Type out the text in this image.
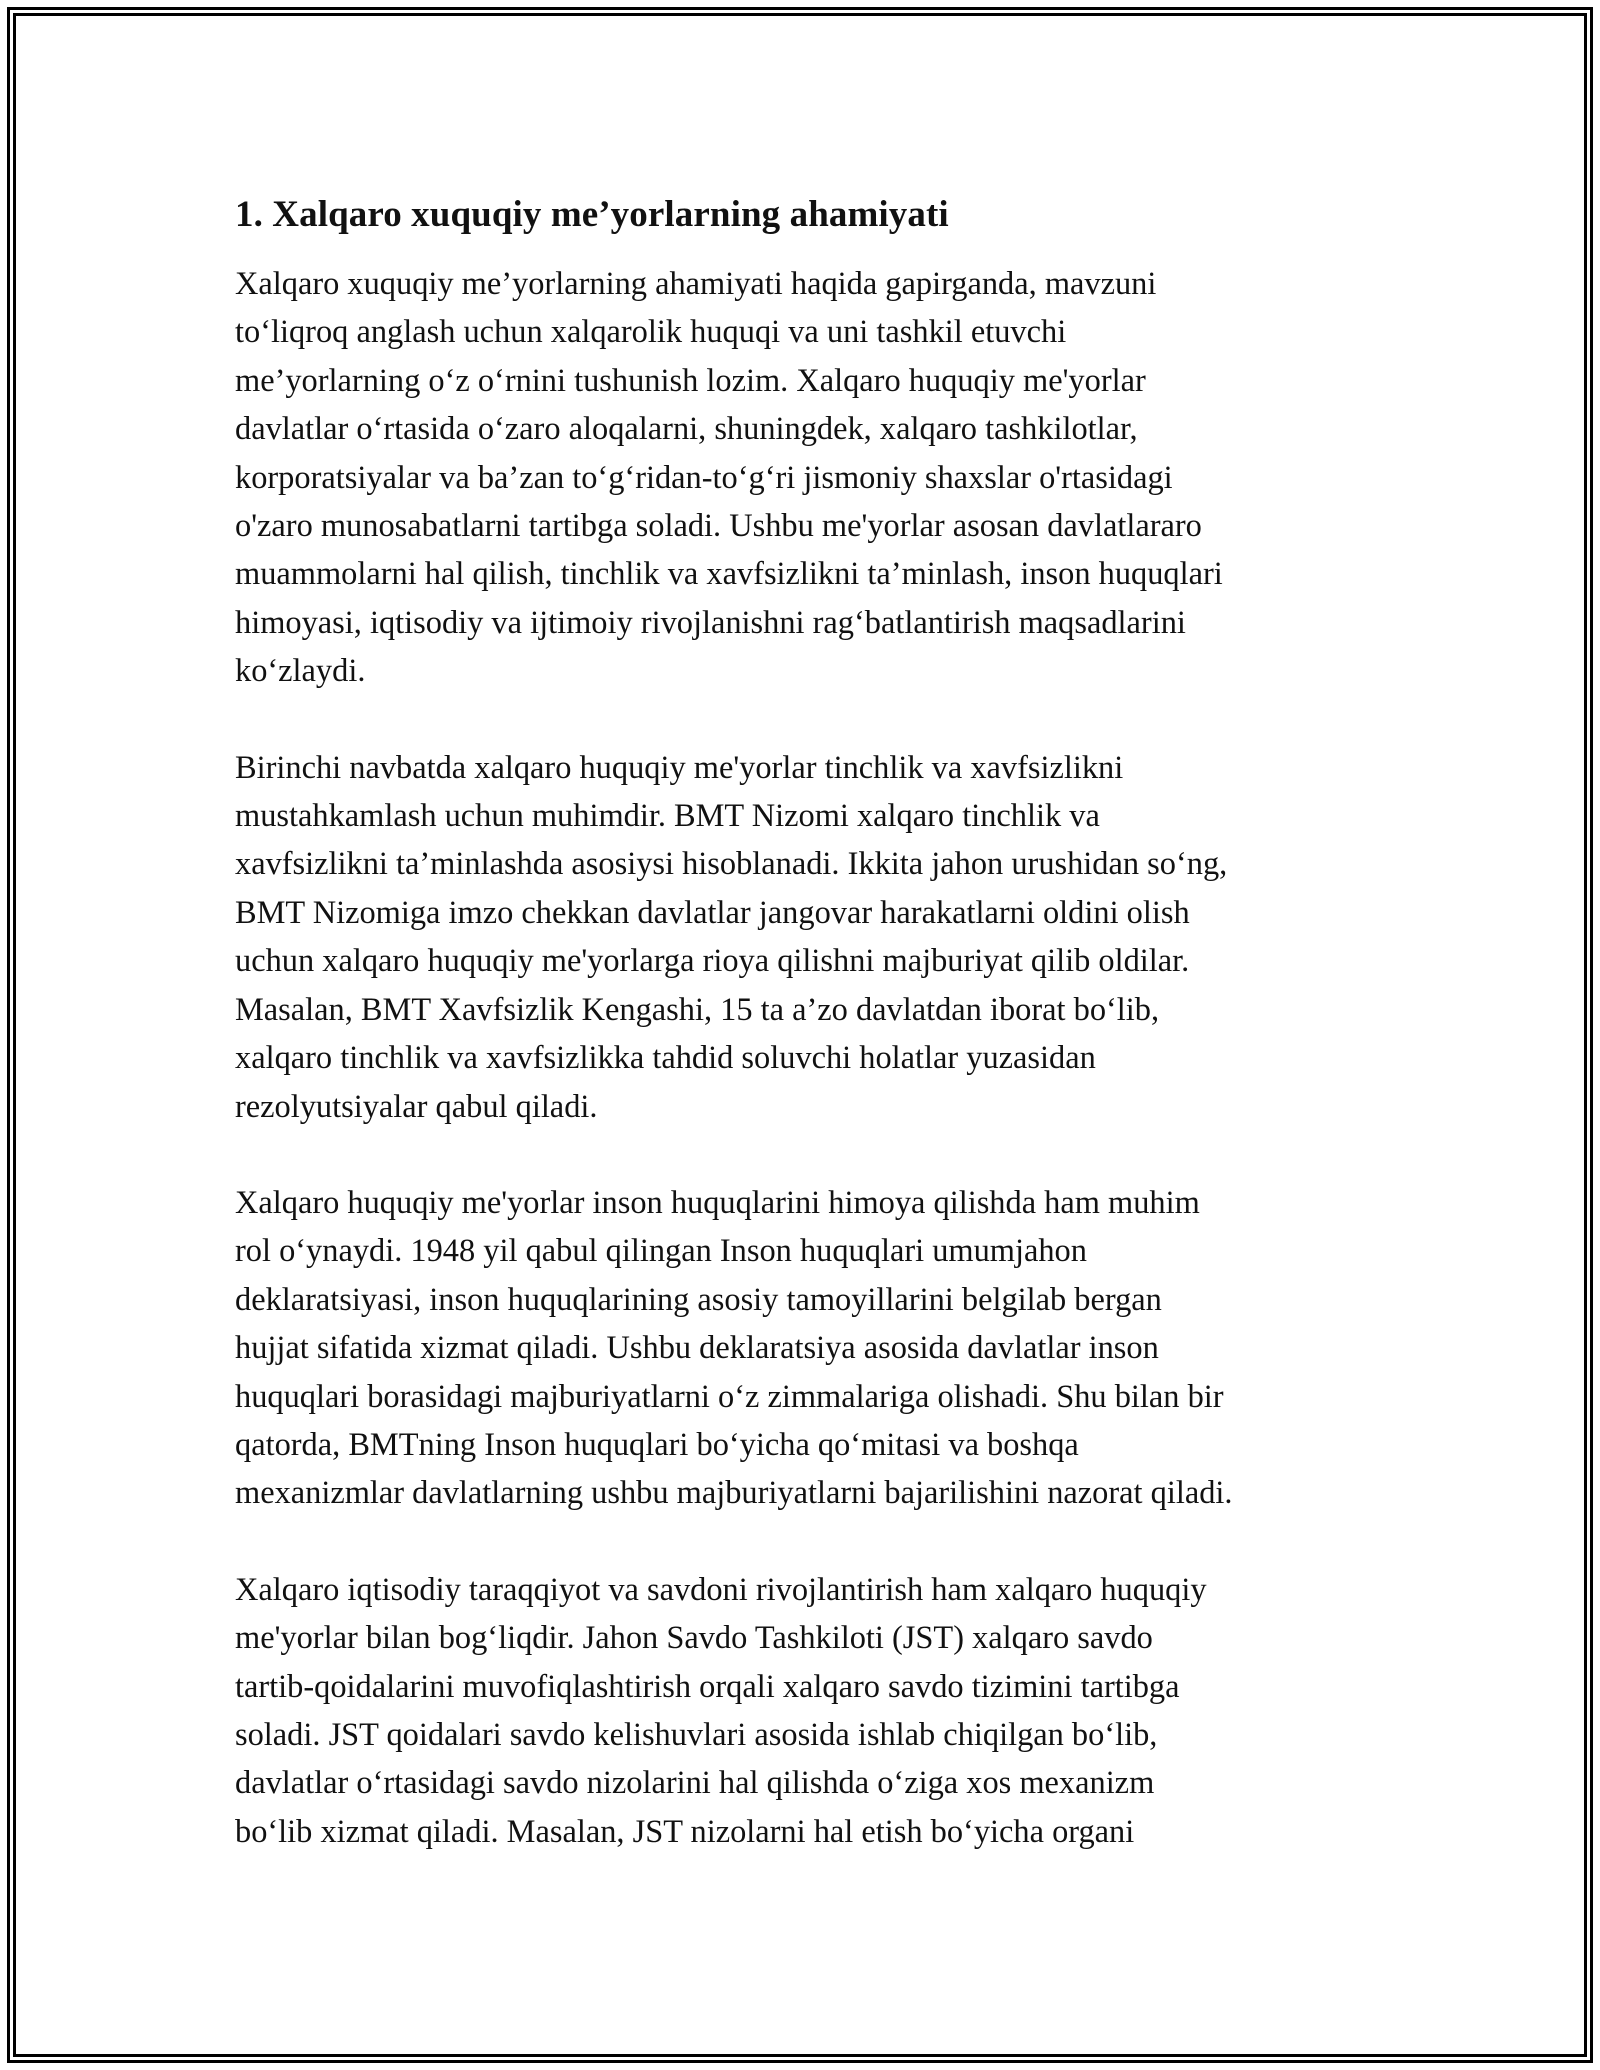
1. Xalqaro xuquqiy me’yorlarning ahamiyati

Xalqaro xuquqiy me’yorlarning ahamiyati haqida gapirganda, mavzuni
to‘liqroq anglash uchun xalqarolik huquqi va uni tashkil etuvchi
me’yorlarning o‘z o‘rnini tushunish lozim. Xalqaro huquqiy me'yorlar
davlatlar o‘rtasida o‘zaro aloqalarni, shuningdek, xalqaro tashkilotlar,
korporatsiyalar va ba’zan to‘g‘ridan-to‘g‘ri jismoniy shaxslar o'rtasidagi
o'zaro munosabatlarni tartibga soladi. Ushbu me'yorlar asosan davlatlararo
muammolarni hal qilish, tinchlik va xavfsizlikni ta’minlash, inson huquqlari
himoyasi, iqtisodiy va ijtimoiy rivojlanishni rag‘batlantirish maqsadlarini
ko‘zlaydi.

Birinchi navbatda xalqaro huquqiy me'yorlar tinchlik va xavfsizlikni
mustahkamlash uchun muhimdir. BMT Nizomi xalqaro tinchlik va
xavfsizlikni ta’minlashda asosiysi hisoblanadi. Ikkita jahon urushidan so‘ng,
BMT Nizomiga imzo chekkan davlatlar jangovar harakatlarni oldini olish
uchun xalqaro huquqiy me'yorlarga rioya qilishni majburiyat qilib oldilar.
Masalan, BMT Xavfsizlik Kengashi, 15 ta a’zo davlatdan iborat bo‘lib,
xalqaro tinchlik va xavfsizlikka tahdid soluvchi holatlar yuzasidan
rezolyutsiyalar qabul qiladi.

Xalqaro huquqiy me'yorlar inson huquqlarini himoya qilishda ham muhim
rol o‘ynaydi. 1948 yil qabul qilingan Inson huquqlari umumjahon
deklaratsiyasi, inson huquqlarining asosiy tamoyillarini belgilab bergan
hujjat sifatida xizmat qiladi. Ushbu deklaratsiya asosida davlatlar inson
huquqlari borasidagi majburiyatlarni o‘z zimmalariga olishadi. Shu bilan bir
qatorda, BMTning Inson huquqlari bo‘yicha qo‘mitasi va boshqa
mexanizmlar davlatlarning ushbu majburiyatlarni bajarilishini nazorat qiladi.

Xalqaro iqtisodiy taraqqiyot va savdoni rivojlantirish ham xalqaro huquqiy
me'yorlar bilan bog‘liqdir. Jahon Savdo Tashkiloti (JST) xalqaro savdo
tartib-qoidalarini muvofiqlashtirish orqali xalqaro savdo tizimini tartibga
soladi. JST qoidalari savdo kelishuvlari asosida ishlab chiqilgan bo‘lib,
davlatlar o‘rtasidagi savdo nizolarini hal qilishda o‘ziga xos mexanizm
bo‘lib xizmat qiladi. Masalan, JST nizolarni hal etish bo‘yicha organi
